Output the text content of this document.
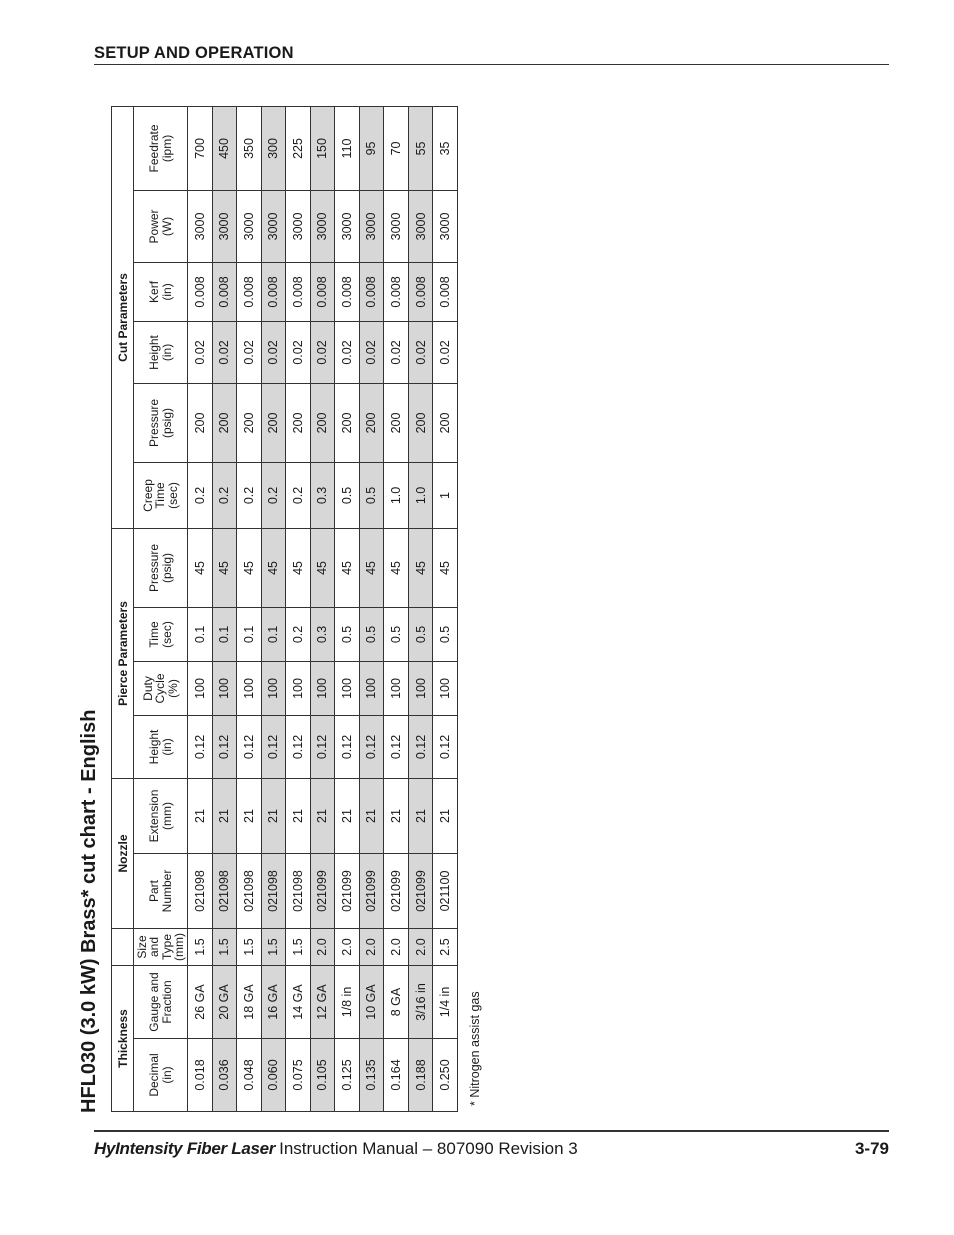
SETUP AND OPERATION
HFL030 (3.0 kW) Brass* cut chart - English Thickness			Nozzle		Pierce Parameters				Cut Parameters					
Decimal
(in)	Gauge and
Fraction	Size
and
Type
(mm)	Part
Number	Extension
(mm)	Height
(in)	Duty
Cycle
(%)	Time
(sec)	Pressure
(psig)	Creep
Time
(sec)	Pressure
(psig)	Height
(in)	Kerf
(in)	Power
(W)	Feedrate
(ipm)
0.018	26 GA	1.5	021098	21	0.12	100	0.1	45	0.2	200	0.02	0.008	3000	700
0.036	20 GA	1.5	021098	21	0.12	100	0.1	45	0.2	200	0.02	0.008	3000	450
0.048	18 GA	1.5	021098	21	0.12	100	0.1	45	0.2	200	0.02	0.008	3000	350
0.060	16 GA	1.5	021098	21	0.12	100	0.1	45	0.2	200	0.02	0.008	3000	300
0.075	14 GA	1.5	021098	21	0.12	100	0.2	45	0.2	200	0.02	0.008	3000	225
0.105	12 GA	2.0	021099	21	0.12	100	0.3	45	0.3	200	0.02	0.008	3000	150
0.125	1/8 in	2.0	021099	21	0.12	100	0.5	45	0.5	200	0.02	0.008	3000	110
0.135	10 GA	2.0	021099	21	0.12	100	0.5	45	0.5	200	0.02	0.008	3000	95
0.164	8 GA	2.0	021099	21	0.12	100	0.5	45	1.0	200	0.02	0.008	3000	70
0.188	3/16 in	2.0	021099	21	0.12	100	0.5	45	1.0	200	0.02	0.008	3000	55
0.250	1/4 in	2.5	021100	21	0.12	100	0.5	45	1	200	0.02	0.008	3000	35
* Nitrogen assist gas
HyIntensity Fiber Laser Instruction Manual – 807090 Revision 3	3-79
